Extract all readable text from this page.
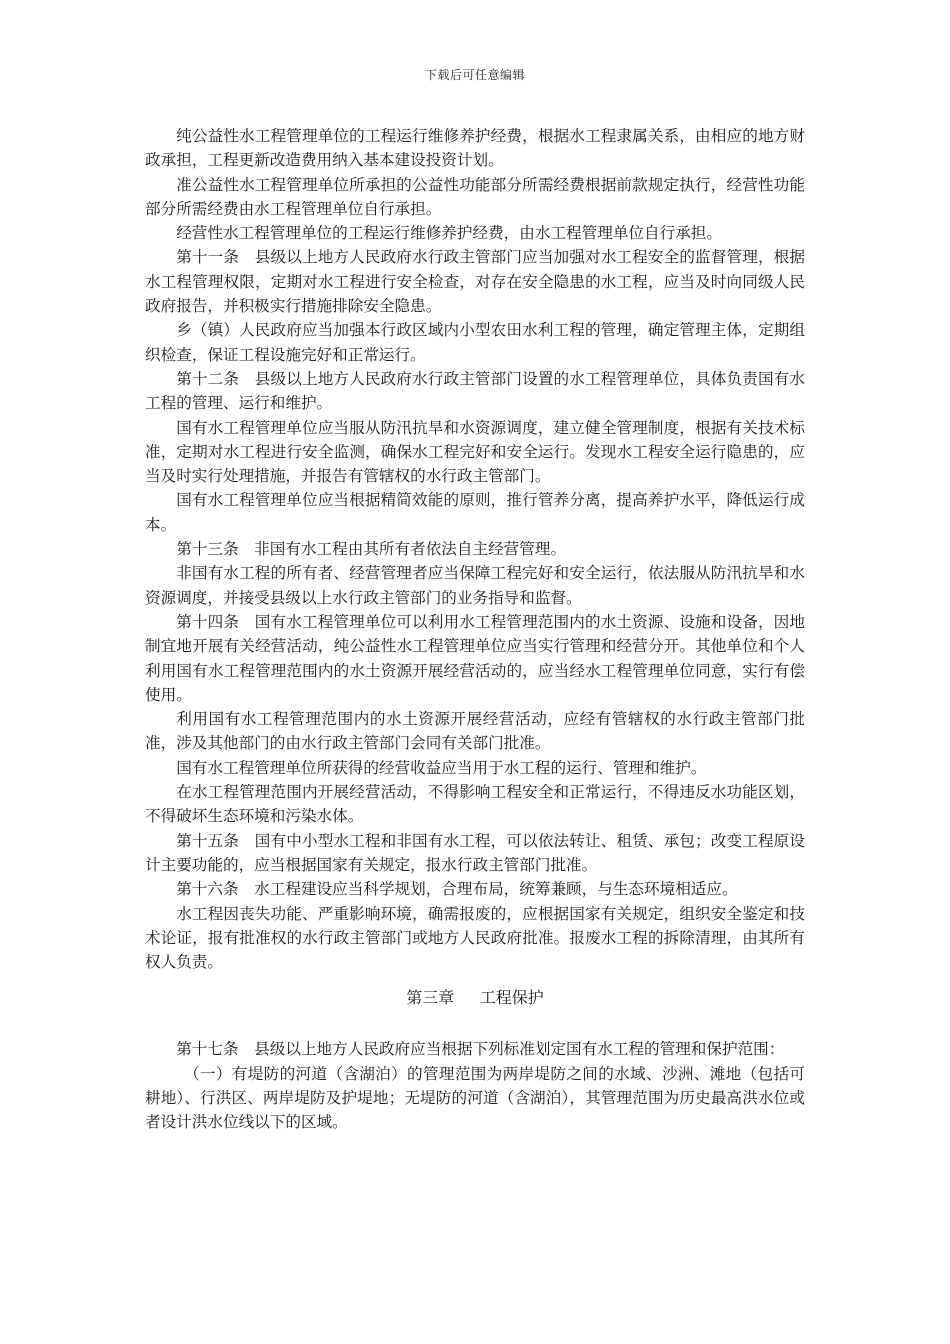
下载后可任意编辑

纯公益性水工程管理单位的工程运行维修养护经费，根据水工程隶属关系，由相应的地方财政承担，工程更新改造费用纳入基本建设投资计划。

准公益性水工程管理单位所承担的公益性功能部分所需经费根据前款规定执行，经营性功能部分所需经费由水工程管理单位自行承担。

经营性水工程管理单位的工程运行维修养护经费，由水工程管理单位自行承担。

第十一条　县级以上地方人民政府水行政主管部门应当加强对水工程安全的监督管理，根据水工程管理权限，定期对水工程进行安全检查，对存在安全隐患的水工程，应当及时向同级人民政府报告，并积极实行措施排除安全隐患。

乡（镇）人民政府应当加强本行政区域内小型农田水利工程的管理，确定管理主体，定期组织检查，保证工程设施完好和正常运行。

第十二条　县级以上地方人民政府水行政主管部门设置的水工程管理单位，具体负责国有水工程的管理、运行和维护。

国有水工程管理单位应当服从防汛抗旱和水资源调度，建立健全管理制度，根据有关技术标准，定期对水工程进行安全监测，确保水工程完好和安全运行。发现水工程安全运行隐患的，应当及时实行处理措施，并报告有管辖权的水行政主管部门。

国有水工程管理单位应当根据精简效能的原则，推行管养分离，提高养护水平，降低运行成本。

第十三条　非国有水工程由其所有者依法自主经营管理。

非国有水工程的所有者、经营管理者应当保障工程完好和安全运行，依法服从防汛抗旱和水资源调度，并接受县级以上水行政主管部门的业务指导和监督。

第十四条　国有水工程管理单位可以利用水工程管理范围内的水土资源、设施和设备，因地制宜地开展有关经营活动，纯公益性水工程管理单位应当实行管理和经营分开。其他单位和个人利用国有水工程管理范围内的水土资源开展经营活动的，应当经水工程管理单位同意，实行有偿使用。

利用国有水工程管理范围内的水土资源开展经营活动，应经有管辖权的水行政主管部门批准，涉及其他部门的由水行政主管部门会同有关部门批准。

国有水工程管理单位所获得的经营收益应当用于水工程的运行、管理和维护。

在水工程管理范围内开展经营活动，不得影响工程安全和正常运行，不得违反水功能区划，不得破坏生态环境和污染水体。

第十五条　国有中小型水工程和非国有水工程，可以依法转让、租赁、承包；改变工程原设计主要功能的，应当根据国家有关规定，报水行政主管部门批准。

第十六条　水工程建设应当科学规划，合理布局，统筹兼顾，与生态环境相适应。

水工程因丧失功能、严重影响环境，确需报废的，应根据国家有关规定，组织安全鉴定和技术论证，报有批准权的水行政主管部门或地方人民政府批准。报废水工程的拆除清理，由其所有权人负责。

第三章 工程保护

第十七条　县级以上地方人民政府应当根据下列标准划定国有水工程的管理和保护范围：

（一）有堤防的河道（含湖泊）的管理范围为两岸堤防之间的水域、沙洲、滩地（包括可耕地）、行洪区、两岸堤防及护堤地；无堤防的河道（含湖泊），其管理范围为历史最高洪水位或者设计洪水位线以下的区域。
